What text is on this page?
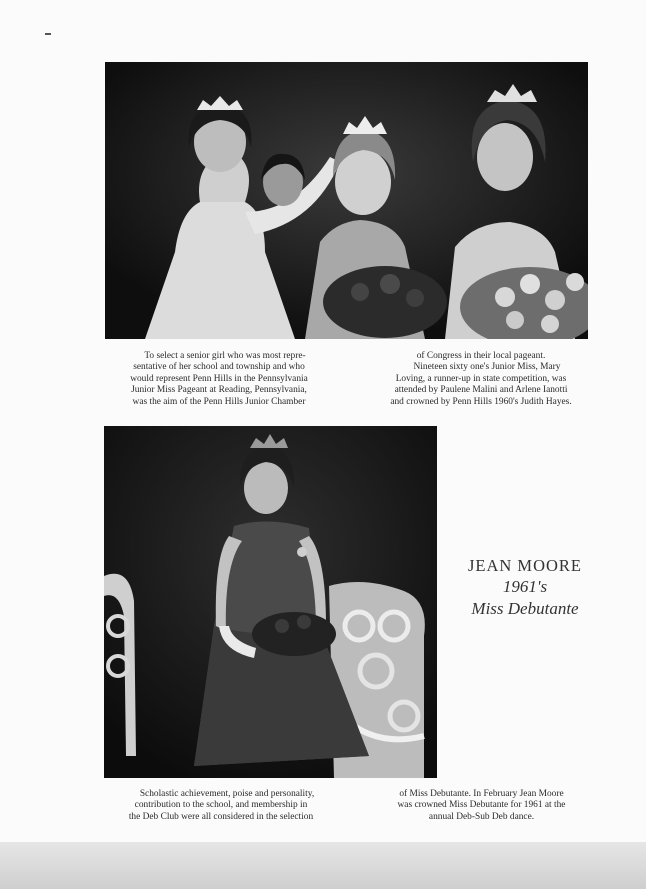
To select a senior girl who was most repre-

sentative of her school and township and who

would represent Penn Hills in the Pennsylvania

Junior Miss Pageant at Reading, Pennsylvania,

was the aim of the Penn Hills Junior Chamber

of Congress in their local pageant.

Nineteen sixty one's Junior Miss, Mary

Loving, a runner-up in state competition, was

attended by Paulene Malini and Arlene Ianotti

and crowned by Penn Hills 1960's Judith Hayes.

JEAN MOORE
1961's
Miss Debutante

Scholastic achievement, poise and personality,

contribution to the school, and membership in

the Deb Club were all considered in the selection

of Miss Debutante. In February Jean Moore

was crowned Miss Debutante for 1961 at the

annual Deb-Sub Deb dance.
